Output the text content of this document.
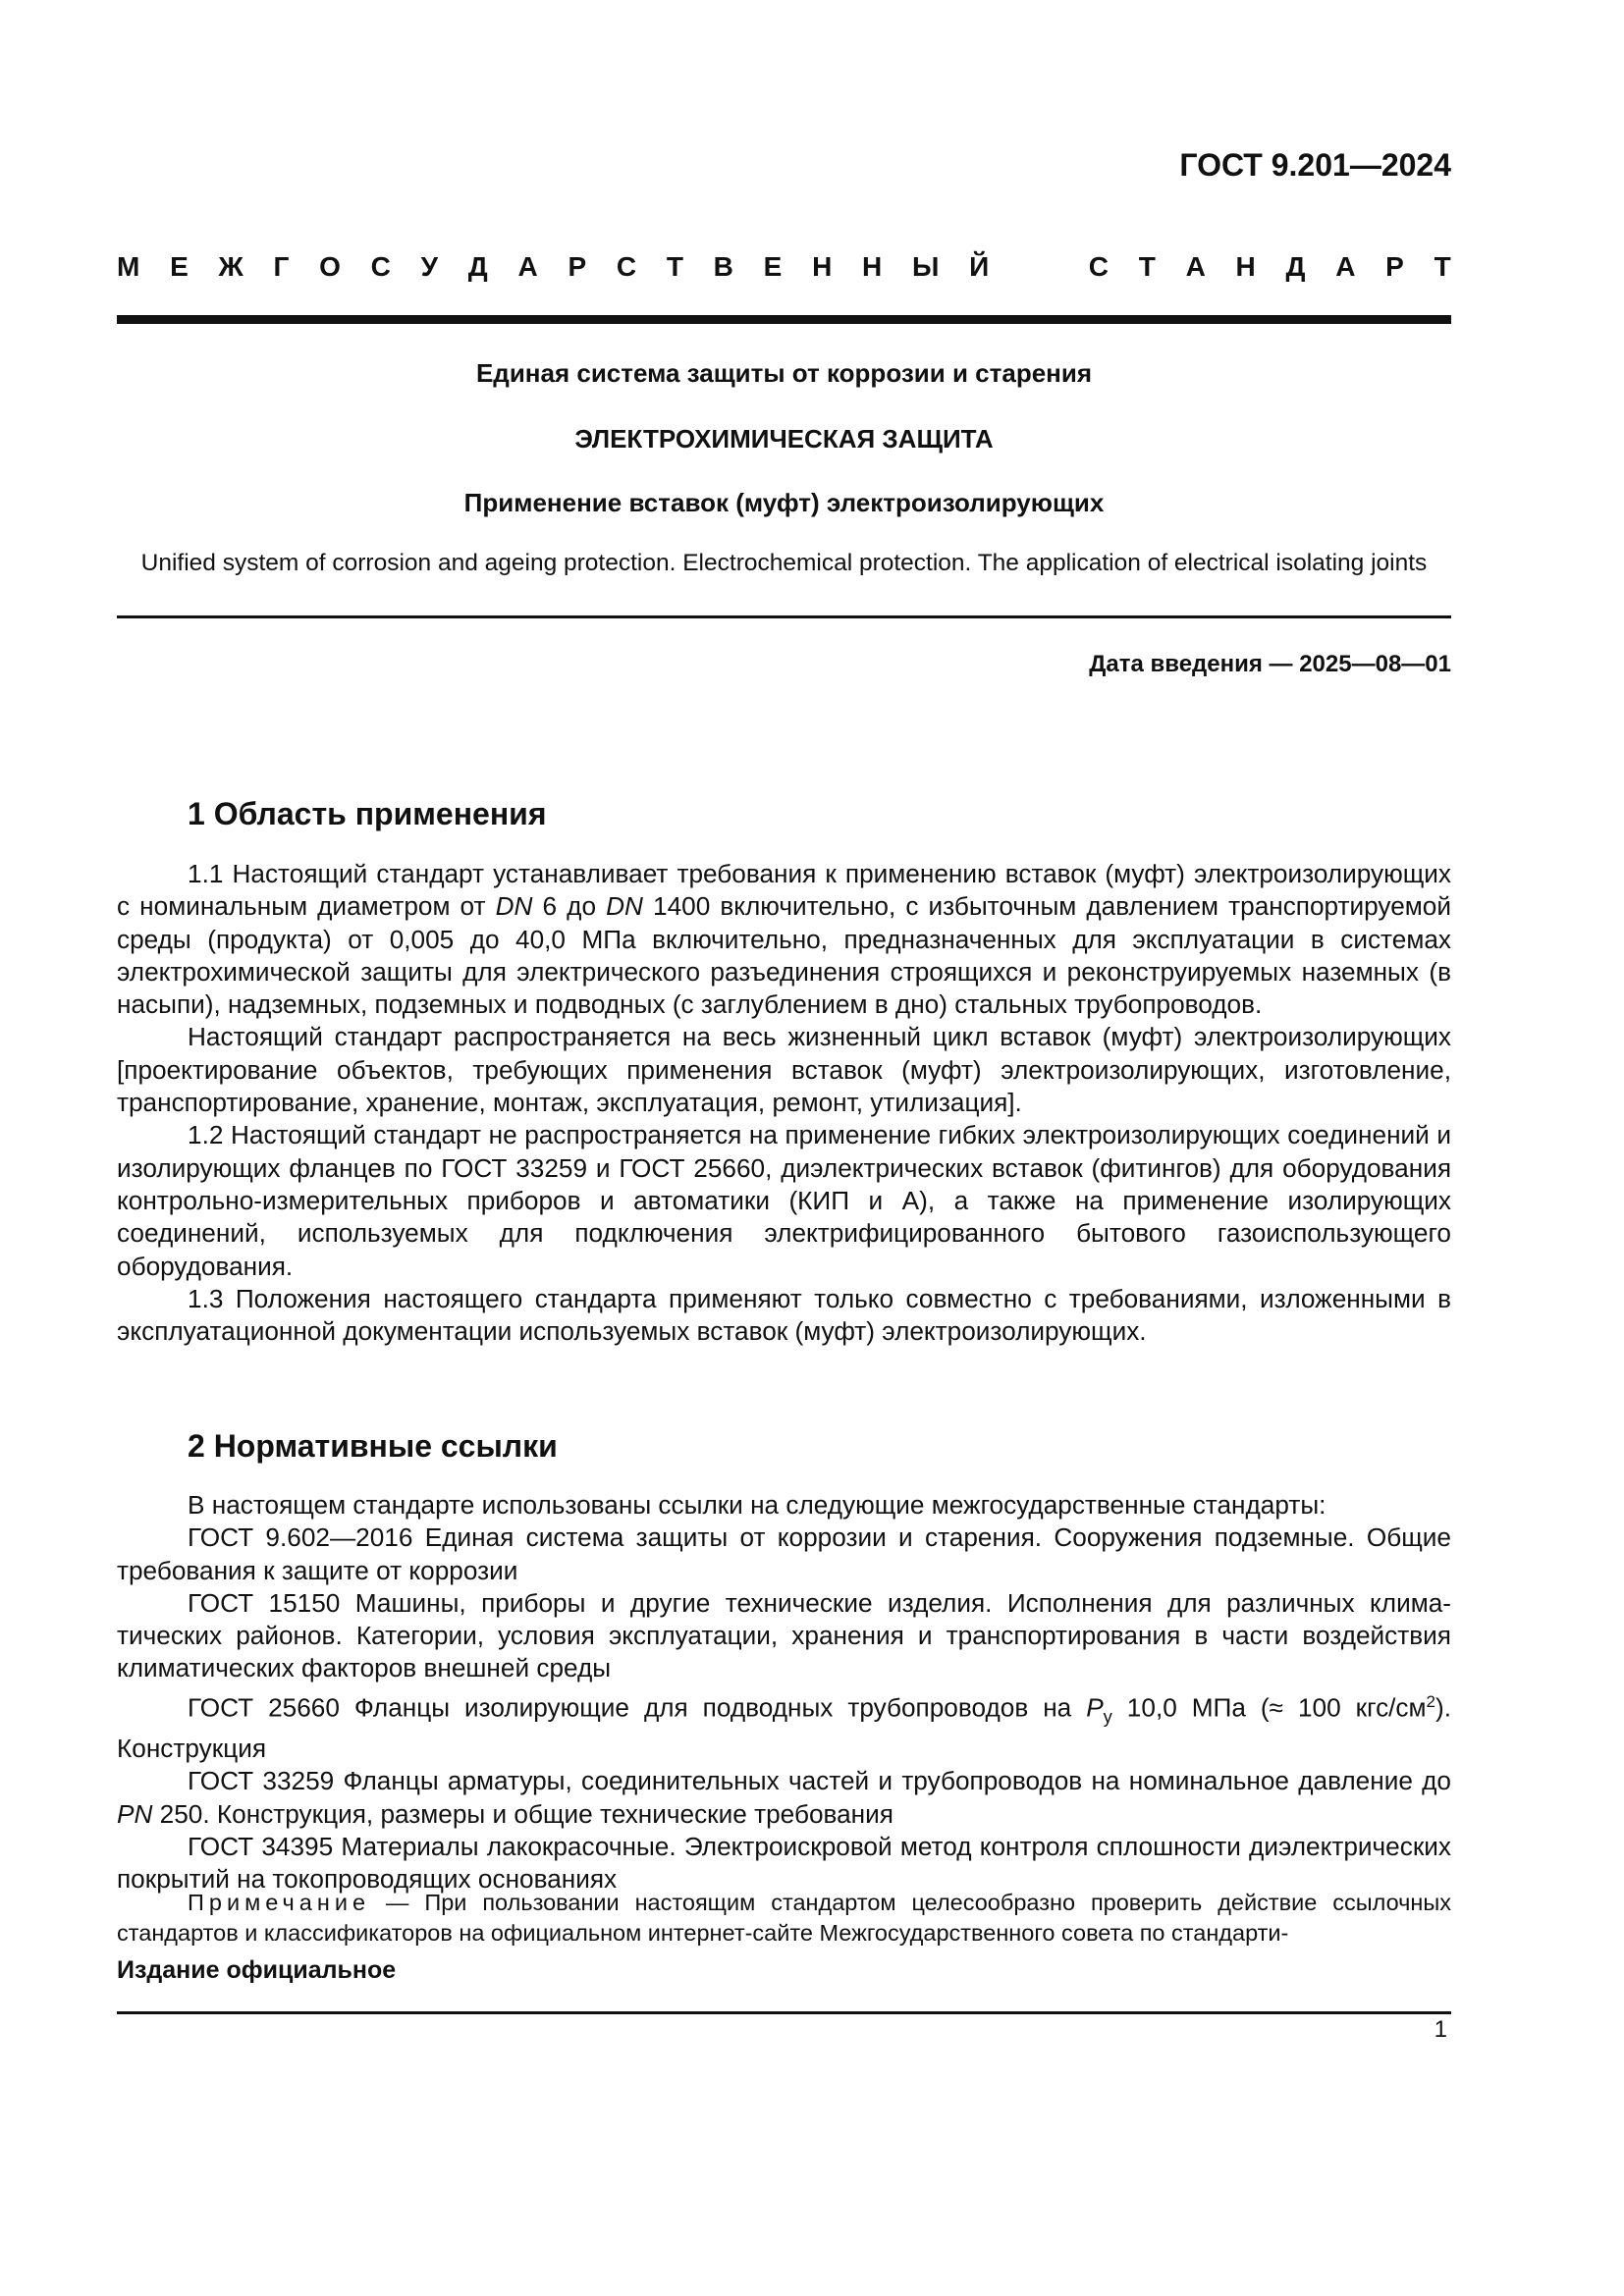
ГОСТ 9.201—2024
М Е Ж Г О С У Д А Р С Т В Е Н Н Ы Й	С Т А Н Д А Р Т
Единая система защиты от коррозии и старения
ЭЛЕКТРОХИМИЧЕСКАЯ ЗАЩИТА
Применение вставок (муфт) электроизолирующих
Unified system of corrosion and ageing protection. Electrochemical protection. The application of electrical isolating joints
Дата введения — 2025—08—01
1 Область применения

1.1 Настоящий стандарт устанавливает требования к применению вставок (муфт) электроизолирующих с номинальным диаметром от DN 6 до DN 1400 включительно, с избыточным давлением транспортируемой среды (продукта) от 0,005 до 40,0 МПа включительно, предназначенных для эксплуатации в системах электрохимической защиты для электрического разъединения строящихся и реконструируемых наземных (в насыпи), надземных, подземных и подводных (с заглублением в дно) стальных трубопроводов.

Настоящий стандарт распространяется на весь жизненный цикл вставок (муфт) электроизолирующих [проектирование объектов, требующих применения вставок (муфт) электроизолирующих, изготовление, транспортирование, хранение, монтаж, эксплуатация, ремонт, утилизация].

1.2 Настоящий стандарт не распространяется на применение гибких электроизолирующих соединений и изолирующих фланцев по ГОСТ 33259 и ГОСТ 25660, диэлектрических вставок (фитингов) для оборудования контрольно-измерительных приборов и автоматики (КИП и А), а также на применение изолирующих соединений, используемых для подключения электрифицированного бытового газоиспользующего оборудования.

1.3 Положения настоящего стандарта применяют только совместно с требованиями, изложенными в эксплуатационной документации используемых вставок (муфт) электроизолирующих.

2 Нормативные ссылки

В настоящем стандарте использованы ссылки на следующие межгосударственные стандарты:

ГОСТ 9.602—2016 Единая система защиты от коррозии и старения. Сооружения подземные. Общие требования к защите от коррозии

ГОСТ 15150 Машины, приборы и другие технические изделия. Исполнения для различных климатических районов. Категории, условия эксплуатации, хранения и транспортирования в части воздействия климатических факторов внешней среды

ГОСТ 25660 Фланцы изолирующие для подводных трубопроводов на $P_у$ 10,0 МПа (≈ 100 кгс/$см^2$). Конструкция

ГОСТ 33259 Фланцы арматуры, соединительных частей и трубопроводов на номинальное давление до PN 250. Конструкция, размеры и общие технические требования

ГОСТ 34395 Материалы лакокрасочные. Электроискровой метод контроля сплошности диэлектрических покрытий на токопроводящих основаниях

Примечание — При пользовании настоящим стандартом целесообразно проверить действие ссылочных стандартов и классификаторов на официальном интернет-сайте Межгосударственного совета по стандарти-

Издание официальное
1
